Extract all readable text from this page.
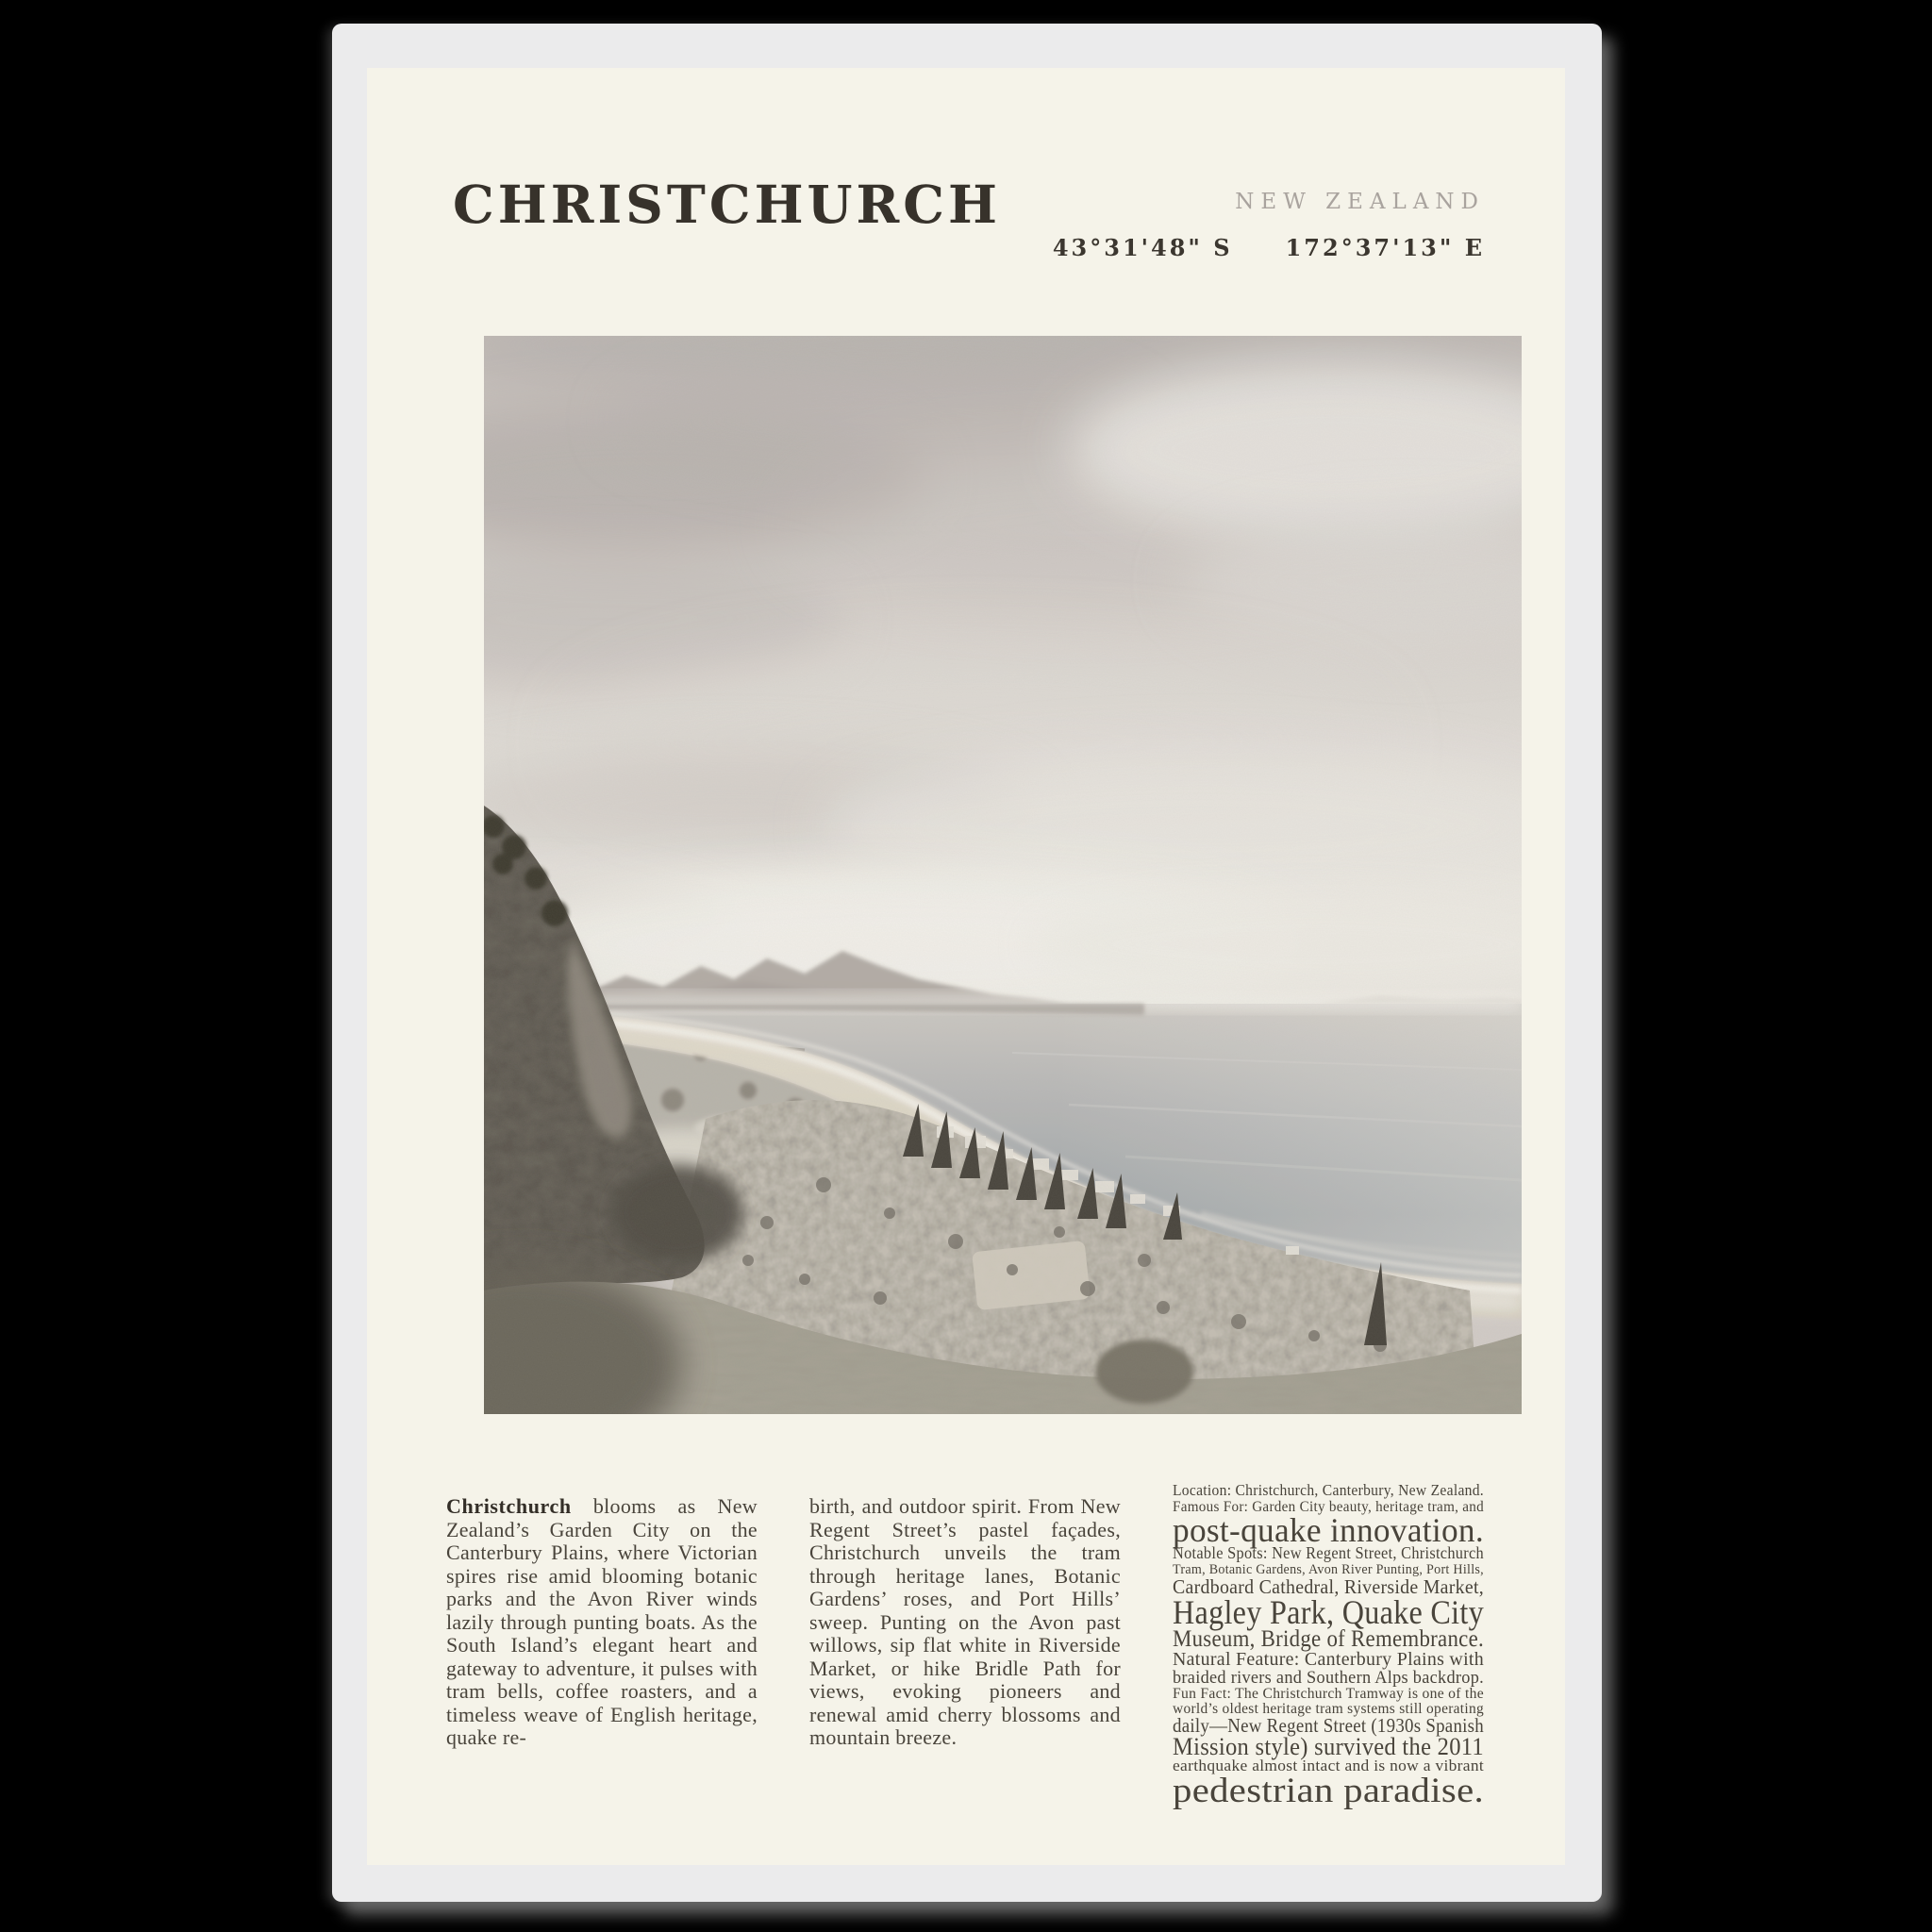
CHRISTCHURCH	NEW ZEALAND
43°31'48" S 172°37'13" E

Christchurch blooms as New Zealand’s Garden City on the Canterbury Plains, where Victorian spires rise amid blooming botanic parks and the Avon River winds lazily through punting boats. As the South Island’s elegant heart and gateway to adventure, it pulses with tram bells, coffee roasters, and a timeless weave of English heritage, quake re-

birth, and outdoor spirit. From New Regent Street’s pastel façades, Christchurch unveils the tram through heritage lanes, Botanic Gardens’ roses, and Port Hills’ sweep. Punting on the Avon past willows, sip flat white in Riverside Market, or hike Bridle Path for views, evoking pioneers and renewal amid cherry blossoms and mountain breeze.

Location: Christchurch, Canterbury, New Zealand.
Famous For: Garden City beauty, heritage tram, and
post-quake innovation.
Notable Spots: New Regent Street, Christchurch
Tram, Botanic Gardens, Avon River Punting, Port Hills,
Cardboard Cathedral, Riverside Market,
Hagley Park, Quake City
Museum, Bridge of Remembrance.
Natural Feature: Canterbury Plains with
braided rivers and Southern Alps backdrop.
Fun Fact: The Christchurch Tramway is one of the
world’s oldest heritage tram systems still operating
daily—New Regent Street (1930s Spanish
Mission style) survived the 2011
earthquake almost intact and is now a vibrant
pedestrian paradise.
